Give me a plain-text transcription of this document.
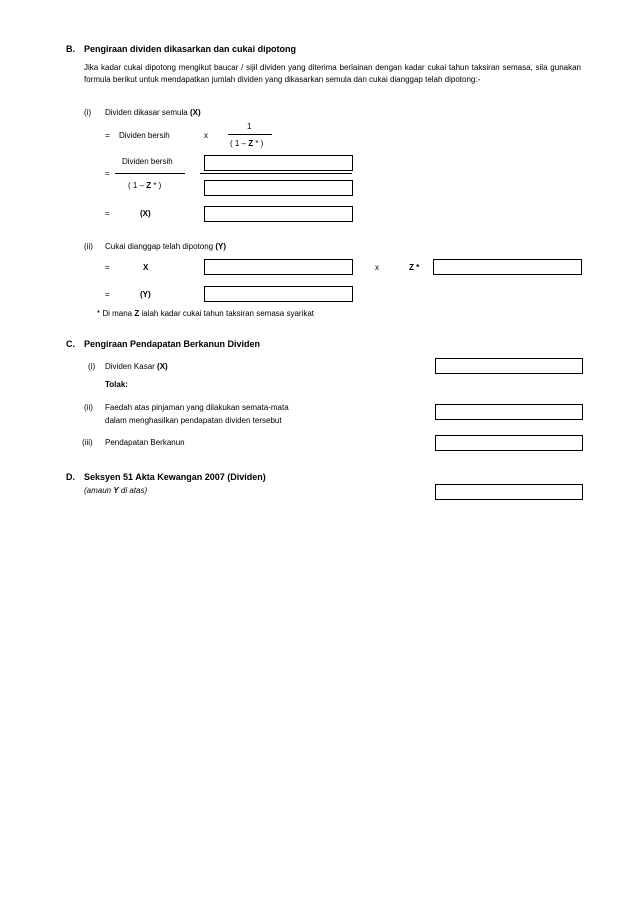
B. Pengiraan dividen dikasarkan dan cukai dipotong
Jika kadar cukai dipotong mengikut baucar / sijil dividen yang diterima berlainan dengan kadar cukai tahun taksiran semasa, sila gunakan formula berikut untuk mendapatkan jumlah dividen yang dikasarkan semula dan cukai dianggap telah dipotong:-
(i) Dividen dikasar semula (X)
= Dividen bersih	x
1
( 1 – Z * )
=
Dividen bersih
( 1 – Z * )
=	(X)
(ii) Cukai dianggap telah dipotong (Y)
=	X	x	Z *
=	(Y)
* Di mana Z ialah kadar cukai tahun taksiran semasa syarikat
C. Pengiraan Pendapatan Berkanun Dividen
(i) Dividen Kasar (X)
Tolak:
(ii) Faedah atas pinjaman yang dilakukan semata-mata
dalam menghasilkan pendapatan dividen tersebut
(iii) Pendapatan Berkanun
D. Seksyen 51 Akta Kewangan 2007 (Dividen)
(amaun Y di atas)
